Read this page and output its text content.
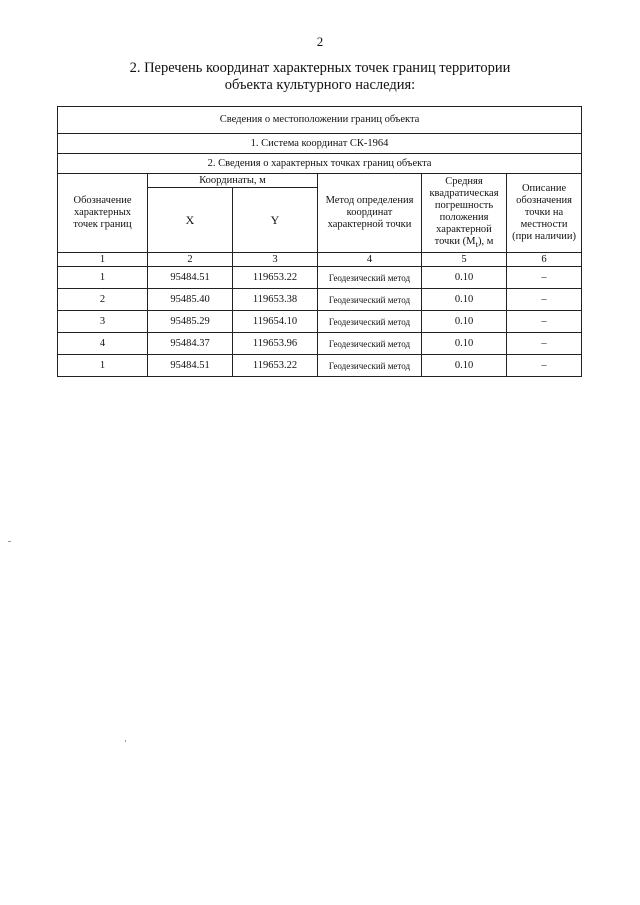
2
2. Перечень координат характерных точек границ территории
объекта культурного наследия:
Сведения о местоположении границ объекта					
1. Система координат СК-1964					
2. Сведения о характерных точках границ объекта					
Обозначение характерных точек границ	Координаты, м		Метод определения координат характерной точки	Средняя квадратическая погрешность положения характерной точки $(M_t)$, м	Описание обозначения точки на местности (при наличии)
	X	Y			
1	2	3	4	5	6
1	95484.51	119653.22	Геодезический метод	0.10	–
2	95485.40	119653.38	Геодезический метод	0.10	–
3	95485.29	119654.10	Геодезический метод	0.10	–
4	95484.37	119653.96	Геодезический метод	0.10	–
1	95484.51	119653.22	Геодезический метод	0.10	–
